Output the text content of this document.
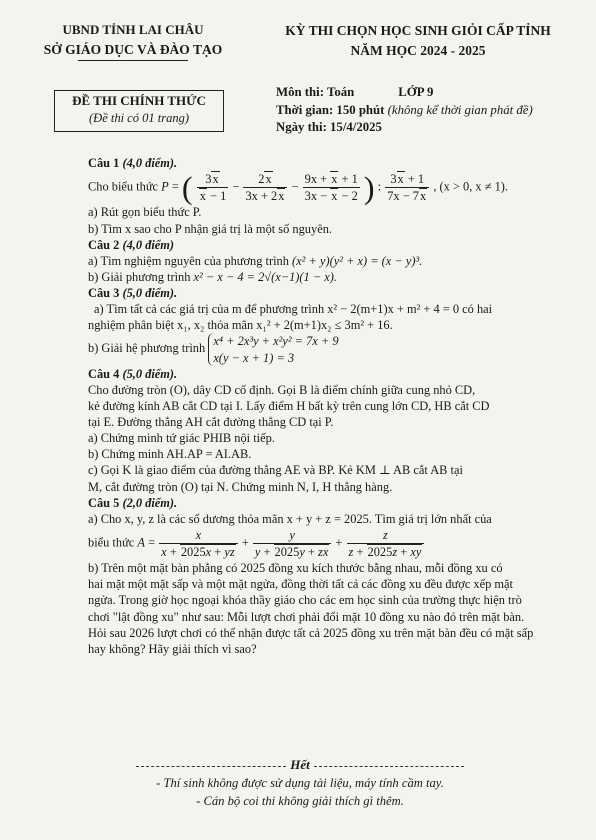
UBND TỈNH LAI CHÂU
SỞ GIÁO DỤC VÀ ĐÀO TẠO
KỲ THI CHỌN HỌC SINH GIỎI CẤP TỈNH
NĂM HỌC 2024 - 2025
ĐỀ THI CHÍNH THỨC
(Đề thi có 01 trang)
Môn thi: Toán	LỚP 9
Thời gian: 150 phút (không kể thời gian phát đề)
Ngày thi: 15/4/2025

Câu 1 (4,0 điểm).

Cho biểu thức P = ( $\frac{3x}{x - 1} - \frac{2x}{3x + 2x} - \frac{9x + x + 1}{3x - x - 2}$ ) : $\frac{3x + 1}{7x - 7x}$ , (x > 0, x ≠ 1).

a) Rút gọn biểu thức P.

b) Tìm x sao cho P nhận giá trị là một số nguyên.

Câu 2 (4,0 điểm)

a) Tìm nghiệm nguyên của phương trình (x² + y)(y² + x) = (x − y)³.

b) Giải phương trình x² − x − 4 = 2√(x−1)(1 − x).

Câu 3 (5,0 điểm).

a) Tìm tất cả các giá trị của m để phương trình x² − 2(m+1)x + m² + 4 = 0 có hai

nghiệm phân biệt x₁, x₂ thỏa mãn x₁² + 2(m+1)x₂ ≤ 3m² + 16.

b) Giải hệ phương trình x⁴ + 2x³y + x²y² = 7x + 9
x(y − x + 1) = 3

Câu 4 (5,0 điểm).

Cho đường tròn (O), dây CD cố định. Gọi B là điểm chính giữa cung nhỏ CD,

kẻ đường kính AB cắt CD tại I. Lấy điểm H bất kỳ trên cung lớn CD, HB cắt CD

tại E. Đường thẳng AH cắt đường thẳng CD tại P.

a) Chứng minh tứ giác PHIB nội tiếp.

b) Chứng minh AH.AP = AI.AB.

c) Gọi K là giao điểm của đường thẳng AE và BP. Kẻ KM ⊥ AB cắt AB tại

M, cắt đường tròn (O) tại N. Chứng minh N, I, H thẳng hàng.

Câu 5 (2,0 điểm).

a) Cho x, y, z là các số dương thỏa mãn x + y + z = 2025. Tìm giá trị lớn nhất của

biểu thức $A = \frac{x}{x + 2025x + yz} + \frac{y}{y + 2025y + zx} + \frac{z}{z + 2025z + xy}$

b) Trên một mặt bàn phẳng có 2025 đồng xu kích thước bằng nhau, mỗi đồng xu có

hai mặt một mặt sấp và một mặt ngửa, đồng thời tất cả các đồng xu đều được xếp mặt

ngửa. Trong giờ học ngoại khóa thầy giáo cho các em học sinh của trường thực hiện trò

chơi "lật đồng xu" như sau: Mỗi lượt chơi phải đổi mặt 10 đồng xu nào đó trên mặt bàn.

Hỏi sau 2026 lượt chơi có thể nhận được tất cả 2025 đồng xu trên mặt bàn đều có mặt sấp

hay không? Hãy giải thích vì sao?

Hết
- Thí sinh không được sử dụng tài liệu, máy tính cầm tay.
- Cán bộ coi thi không giải thích gì thêm.
